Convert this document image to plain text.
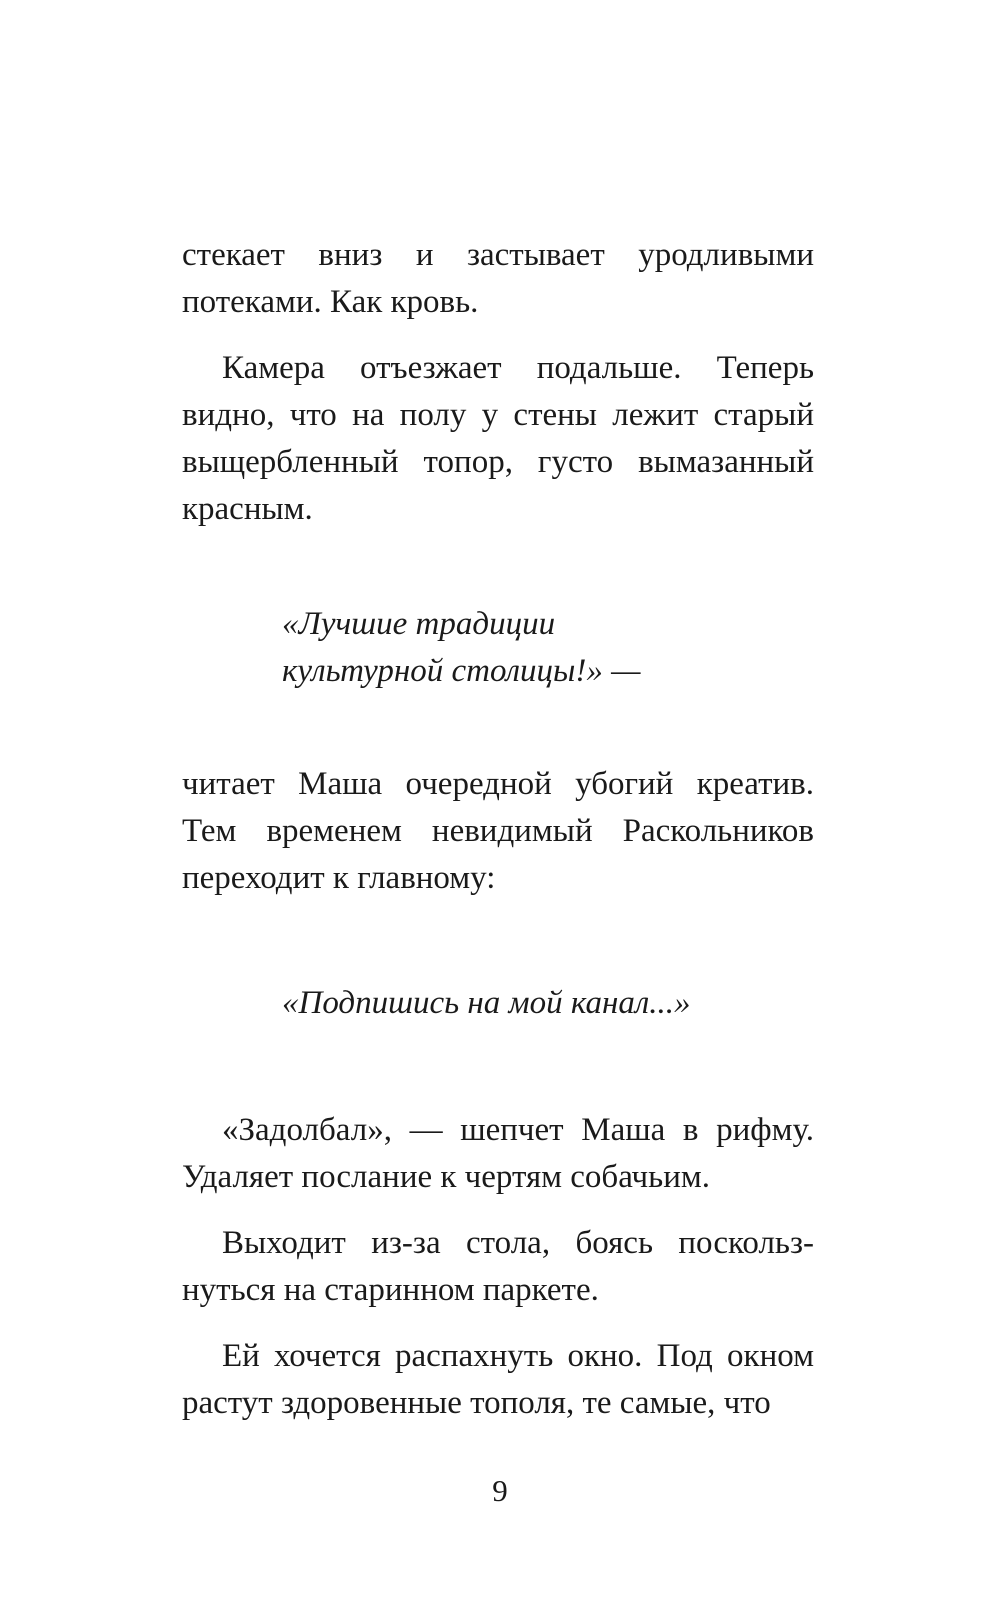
стекает вниз и застывает уродливыми потеками. Как кровь.

Камера отъезжает подальше. Теперь видно, что на полу у стены лежит старый выщербленный топор, густо вымазанный красным.

«Лучшие традиции
культурной столицы!» —

читает Маша очередной убогий креатив. Тем временем невидимый Раскольников переходит к главному:

«Подпишись на мой канал...»

«Задолбал», — шепчет Маша в рифму. Удаляет послание к чертям собачьим.

Выходит из-за стола, боясь поскользнуться на старинном паркете.

Ей хочется распахнуть окно. Под окном растут здоровенные тополя, те самые, что

9
